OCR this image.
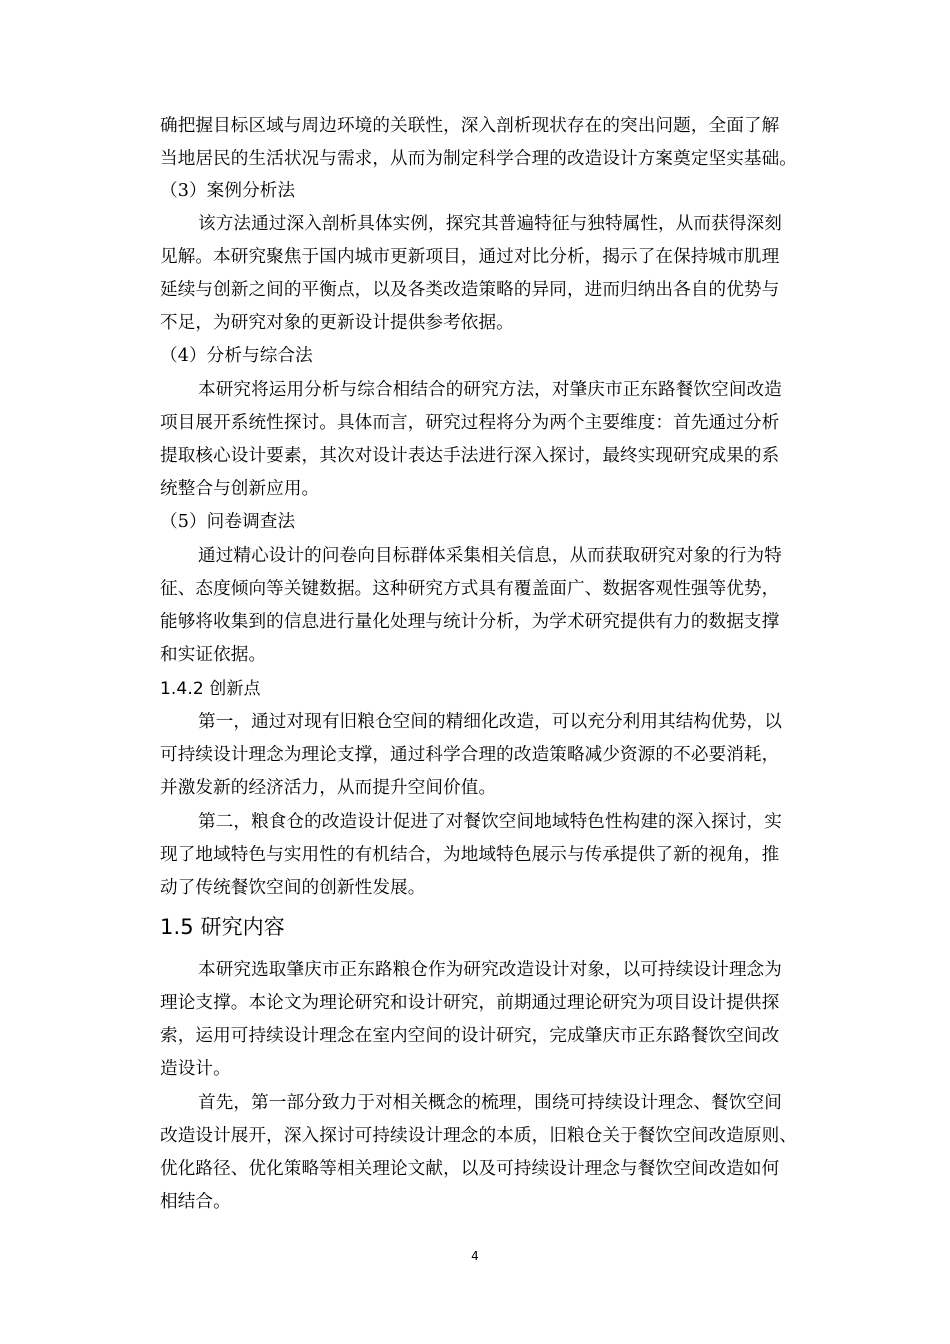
确把握目标区域与周边环境的关联性，深入剖析现状存在的突出问题，全面了解
当地居民的生活状况与需求，从而为制定科学合理的改造设计方案奠定坚实基础。
（3）案例分析法
该方法通过深入剖析具体实例，探究其普遍特征与独特属性，从而获得深刻
见解。本研究聚焦于国内城市更新项目，通过对比分析，揭示了在保持城市肌理
延续与创新之间的平衡点，以及各类改造策略的异同，进而归纳出各自的优势与
不足，为研究对象的更新设计提供参考依据。
（4）分析与综合法
本研究将运用分析与综合相结合的研究方法，对肇庆市正东路餐饮空间改造
项目展开系统性探讨。具体而言，研究过程将分为两个主要维度：首先通过分析
提取核心设计要素，其次对设计表达手法进行深入探讨，最终实现研究成果的系
统整合与创新应用。
（5）问卷调查法
通过精心设计的问卷向目标群体采集相关信息，从而获取研究对象的行为特
征、态度倾向等关键数据。这种研究方式具有覆盖面广、数据客观性强等优势，
能够将收集到的信息进行量化处理与统计分析，为学术研究提供有力的数据支撑
和实证依据。
1.4.2 创新点
第一，通过对现有旧粮仓空间的精细化改造，可以充分利用其结构优势，以
可持续设计理念为理论支撑，通过科学合理的改造策略减少资源的不必要消耗，
并激发新的经济活力，从而提升空间价值。
第二，粮食仓的改造设计促进了对餐饮空间地域特色性构建的深入探讨，实
现了地域特色与实用性的有机结合，为地域特色展示与传承提供了新的视角，推
动了传统餐饮空间的创新性发展。
1.5 研究内容
本研究选取肇庆市正东路粮仓作为研究改造设计对象，以可持续设计理念为
理论支撑。本论文为理论研究和设计研究，前期通过理论研究为项目设计提供探
索，运用可持续设计理念在室内空间的设计研究，完成肇庆市正东路餐饮空间改
造设计。
首先，第一部分致力于对相关概念的梳理，围绕可持续设计理念、餐饮空间
改造设计展开，深入探讨可持续设计理念的本质，旧粮仓关于餐饮空间改造原则、
优化路径、优化策略等相关理论文献，以及可持续设计理念与餐饮空间改造如何
相结合。
4
